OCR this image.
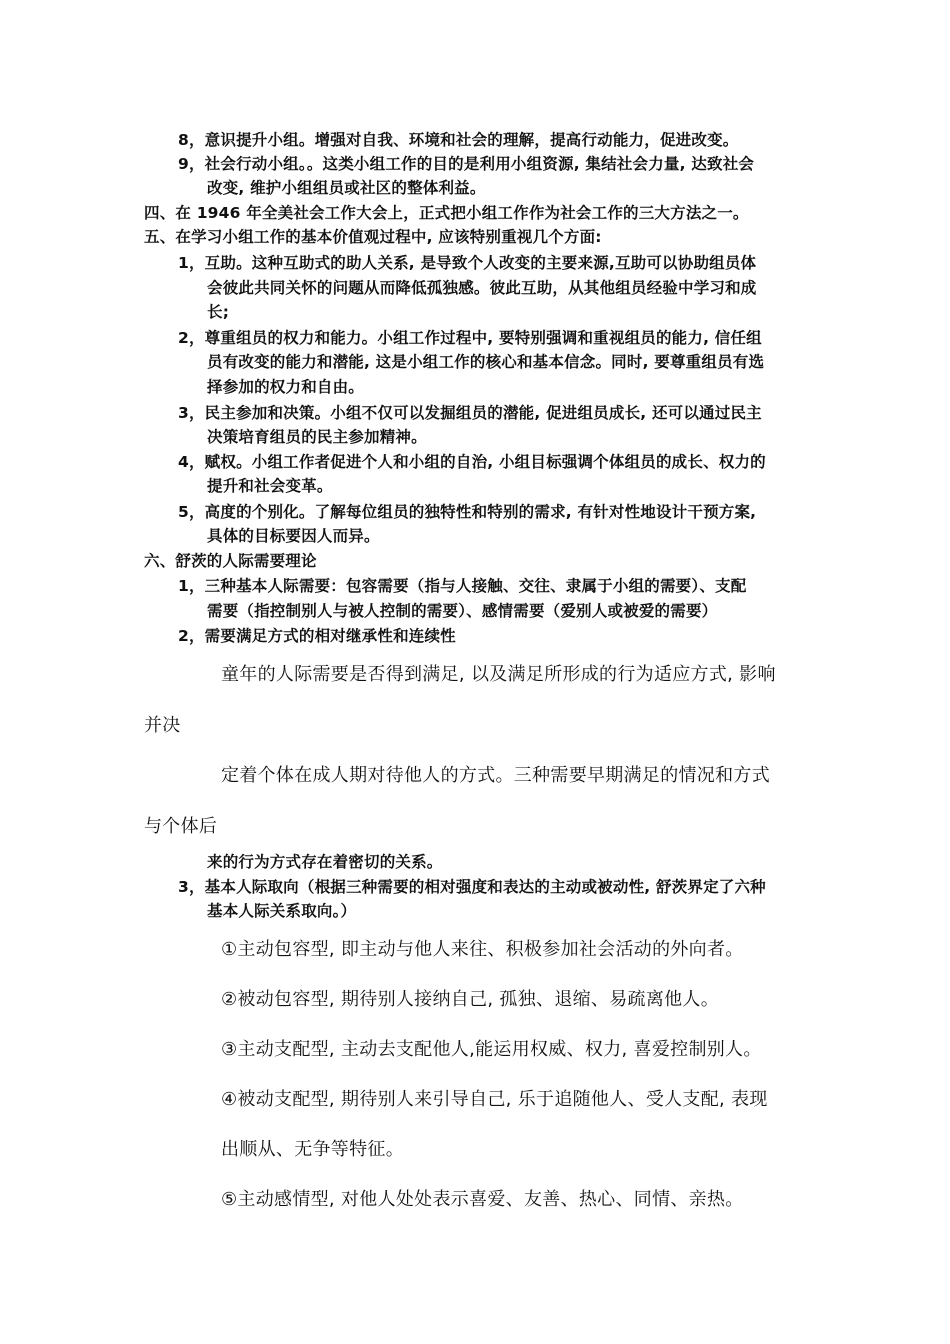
8，意识提升小组。增强对自我、环境和社会的理解，提高行动能力，促进改变。
9，社会行动小组。。这类小组工作的目的是利用小组资源, 集结社会力量, 达致社会
改变, 维护小组组员或社区的整体利益。
四、在 1946 年全美社会工作大会上，正式把小组工作作为社会工作的三大方法之一。
五、在学习小组工作的基本价值观过程中, 应该特别重视几个方面:
1，互助。这种互助式的助人关系, 是导致个人改变的主要来源,互助可以协助组员体
会彼此共同关怀的问题从而降低孤独感。彼此互助，从其他组员经验中学习和成
长;
2，尊重组员的权力和能力。小组工作过程中, 要特别强调和重视组员的能力, 信任组
员有改变的能力和潜能, 这是小组工作的核心和基本信念。同时, 要尊重组员有选
择参加的权力和自由。
3，民主参加和决策。小组不仅可以发掘组员的潜能, 促进组员成长, 还可以通过民主
决策培育组员的民主参加精神。
4，赋权。小组工作者促进个人和小组的自治, 小组目标强调个体组员的成长、权力的
提升和社会变革。
5，高度的个别化。了解每位组员的独特性和特别的需求, 有针对性地设计干预方案,
具体的目标要因人而异。
六、舒茨的人际需要理论
1，三种基本人际需要：包容需要（指与人接触、交往、隶属于小组的需要）、支配
需要（指控制别人与被人控制的需要）、感情需要（爱别人或被爱的需要）
2，需要满足方式的相对继承性和连续性
童年的人际需要是否得到满足, 以及满足所形成的行为适应方式, 影响
并决
定着个体在成人期对待他人的方式。三种需要早期满足的情况和方式
与个体后
来的行为方式存在着密切的关系。
3，基本人际取向（根据三种需要的相对强度和表达的主动或被动性, 舒茨界定了六种
基本人际关系取向。）
①主动包容型, 即主动与他人来往、积极参加社会活动的外向者。
②被动包容型, 期待别人接纳自己, 孤独、退缩、易疏离他人。
③主动支配型, 主动去支配他人,能运用权威、权力, 喜爱控制别人。
④被动支配型, 期待别人来引导自己, 乐于追随他人、受人支配, 表现
出顺从、无争等特征。
⑤主动感情型, 对他人处处表示喜爱、友善、热心、同情、亲热。
